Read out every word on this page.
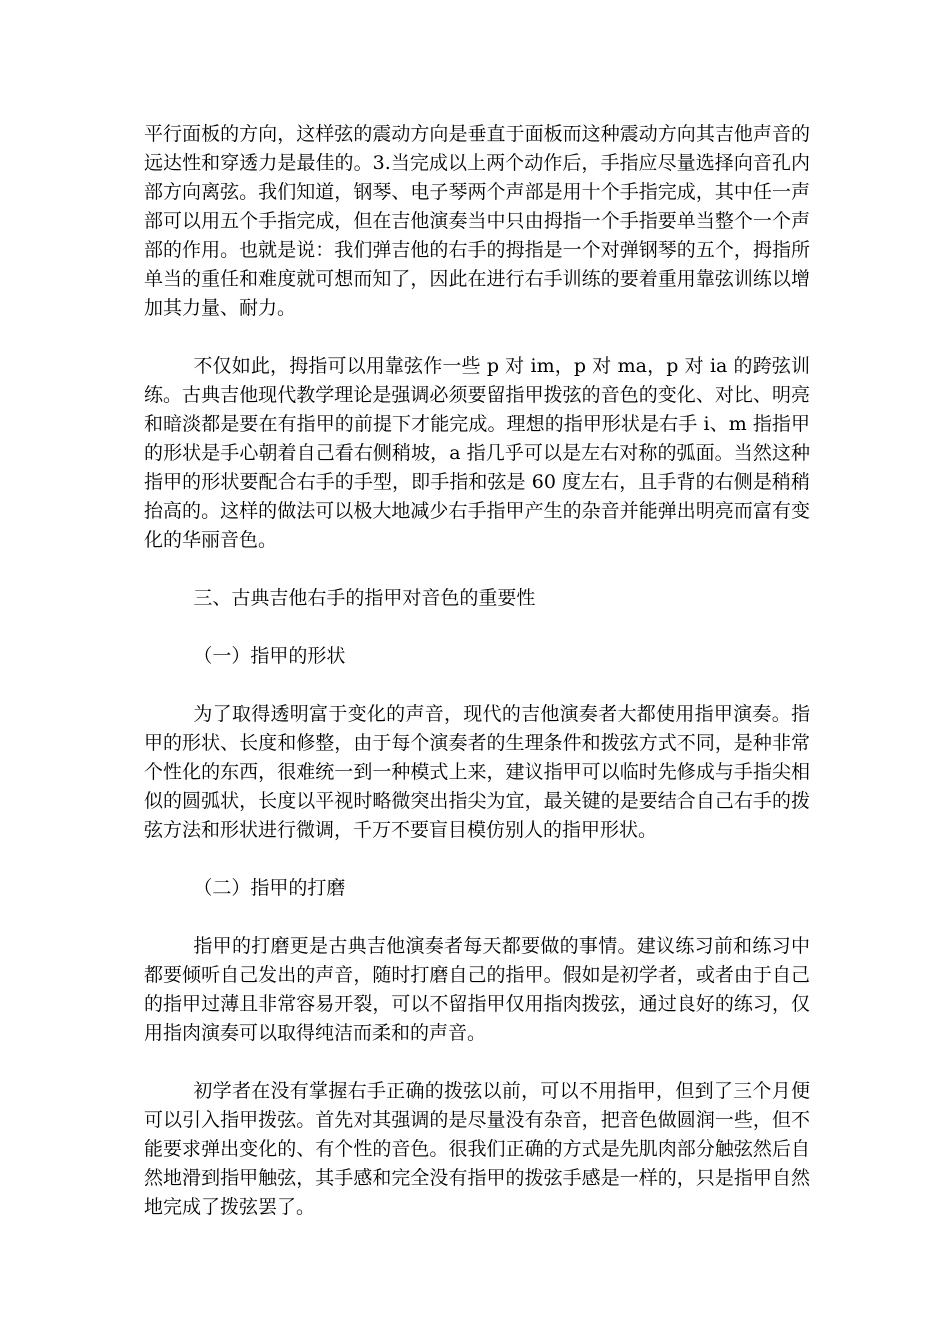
平行面板的方向，这样弦的震动方向是垂直于面板而这种震动方向其吉他声音的远达性和穿透力是最佳的。3.当完成以上两个动作后，手指应尽量选择向音孔内部方向离弦。我们知道，钢琴、电子琴两个声部是用十个手指完成，其中任一声部可以用五个手指完成，但在吉他演奏当中只由拇指一个手指要单当整个一个声部的作用。也就是说：我们弹吉他的右手的拇指是一个对弹钢琴的五个，拇指所单当的重任和难度就可想而知了，因此在进行右手训练的要着重用靠弦训练以增加其力量、耐力。

不仅如此，拇指可以用靠弦作一些 p 对 im，p 对 ma，p 对 ia 的跨弦训练。古典吉他现代教学理论是强调必须要留指甲拨弦的音色的变化、对比、明亮和暗淡都是要在有指甲的前提下才能完成。理想的指甲形状是右手 i、m 指指甲的形状是手心朝着自己看右侧稍坡，a 指几乎可以是左右对称的弧面。当然这种指甲的形状要配合右手的手型，即手指和弦是 60 度左右，且手背的右侧是稍稍抬高的。这样的做法可以极大地减少右手指甲产生的杂音并能弹出明亮而富有变化的华丽音色。

三、古典吉他右手的指甲对音色的重要性

（一）指甲的形状

为了取得透明富于变化的声音，现代的吉他演奏者大都使用指甲演奏。指甲的形状、长度和修整，由于每个演奏者的生理条件和拨弦方式不同，是种非常个性化的东西，很难统一到一种模式上来，建议指甲可以临时先修成与手指尖相似的圆弧状，长度以平视时略微突出指尖为宜，最关键的是要结合自己右手的拨弦方法和形状进行微调，千万不要盲目模仿别人的指甲形状。

（二）指甲的打磨

指甲的打磨更是古典吉他演奏者每天都要做的事情。建议练习前和练习中都要倾听自己发出的声音，随时打磨自己的指甲。假如是初学者，或者由于自己的指甲过薄且非常容易开裂，可以不留指甲仅用指肉拨弦，通过良好的练习，仅用指肉演奏可以取得纯洁而柔和的声音。

初学者在没有掌握右手正确的拨弦以前，可以不用指甲，但到了三个月便可以引入指甲拨弦。首先对其强调的是尽量没有杂音，把音色做圆润一些，但不能要求弹出变化的、有个性的音色。很我们正确的方式是先肌肉部分触弦然后自然地滑到指甲触弦，其手感和完全没有指甲的拨弦手感是一样的，只是指甲自然地完成了拨弦罢了。
